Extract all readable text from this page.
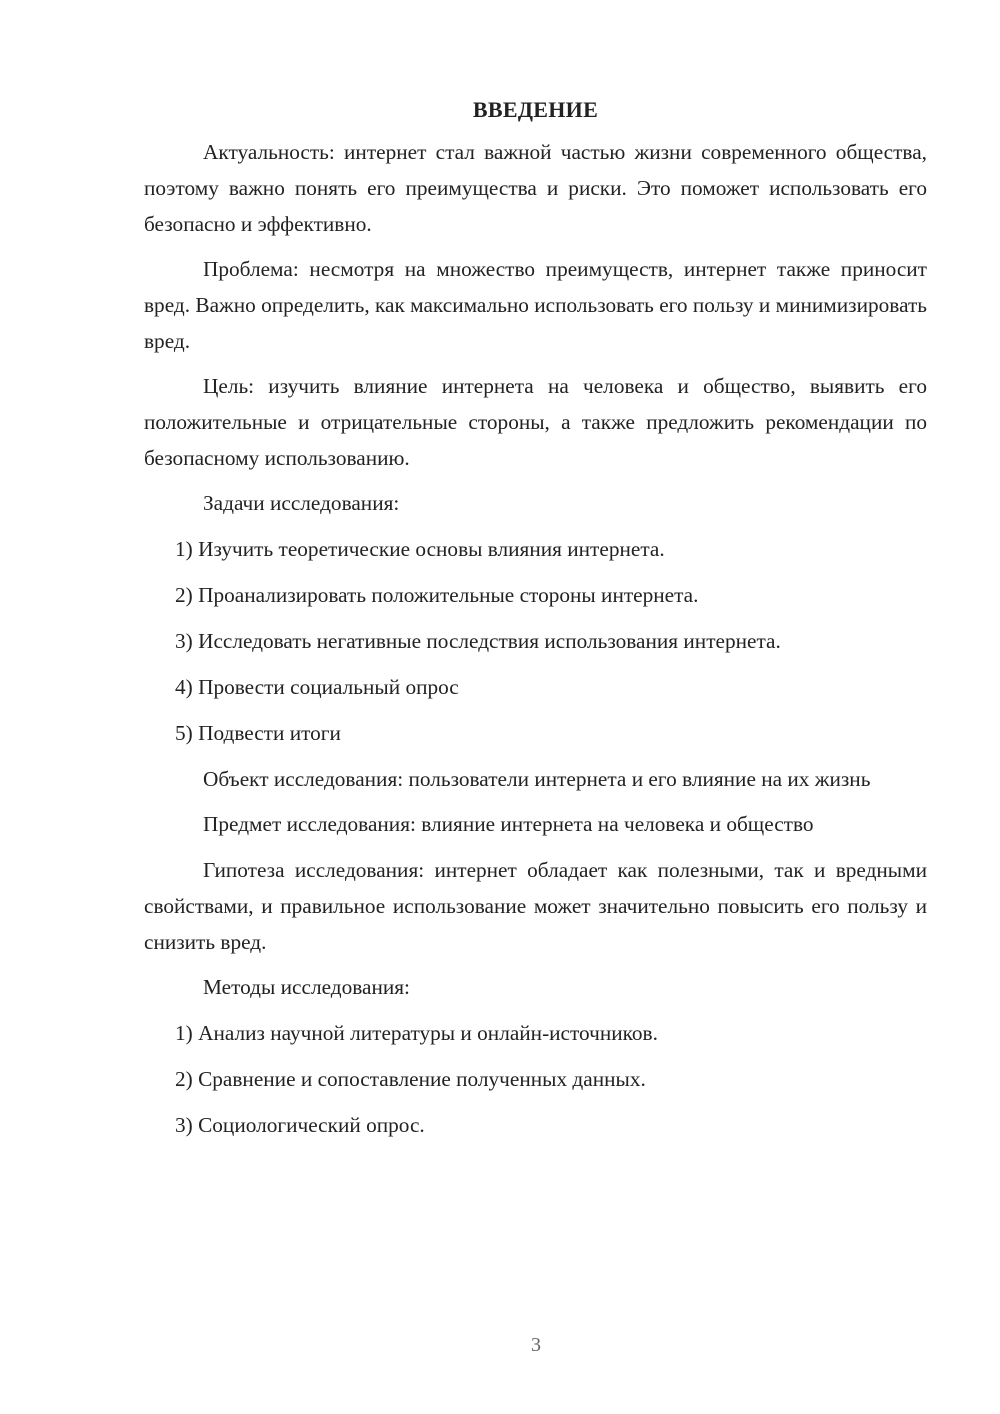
ВВЕДЕНИЕ

Актуальность: интернет стал важной частью жизни современного общества, поэтому важно понять его преимущества и риски. Это поможет использовать его безопасно и эффективно.

Проблема: несмотря на множество преимуществ, интернет также приносит вред. Важно определить, как максимально использовать его пользу и минимизировать вред.

Цель: изучить влияние интернета на человека и общество, выявить его положительные и отрицательные стороны, а также предложить рекомендации по безопасному использованию.

Задачи исследования:

1) Изучить теоретические основы влияния интернета.
2) Проанализировать положительные стороны интернета.
3) Исследовать негативные последствия использования интернета.
4) Провести социальный опрос
5) Подвести итоги

Объект исследования: пользователи интернета и его влияние на их жизнь

Предмет исследования: влияние интернета на человека и общество

Гипотеза исследования: интернет обладает как полезными, так и вредными свойствами, и правильное использование может значительно повысить его пользу и снизить вред.

Методы исследования:

1) Анализ научной литературы и онлайн-источников.
2) Сравнение и сопоставление полученных данных.
3) Социологический опрос.
3
